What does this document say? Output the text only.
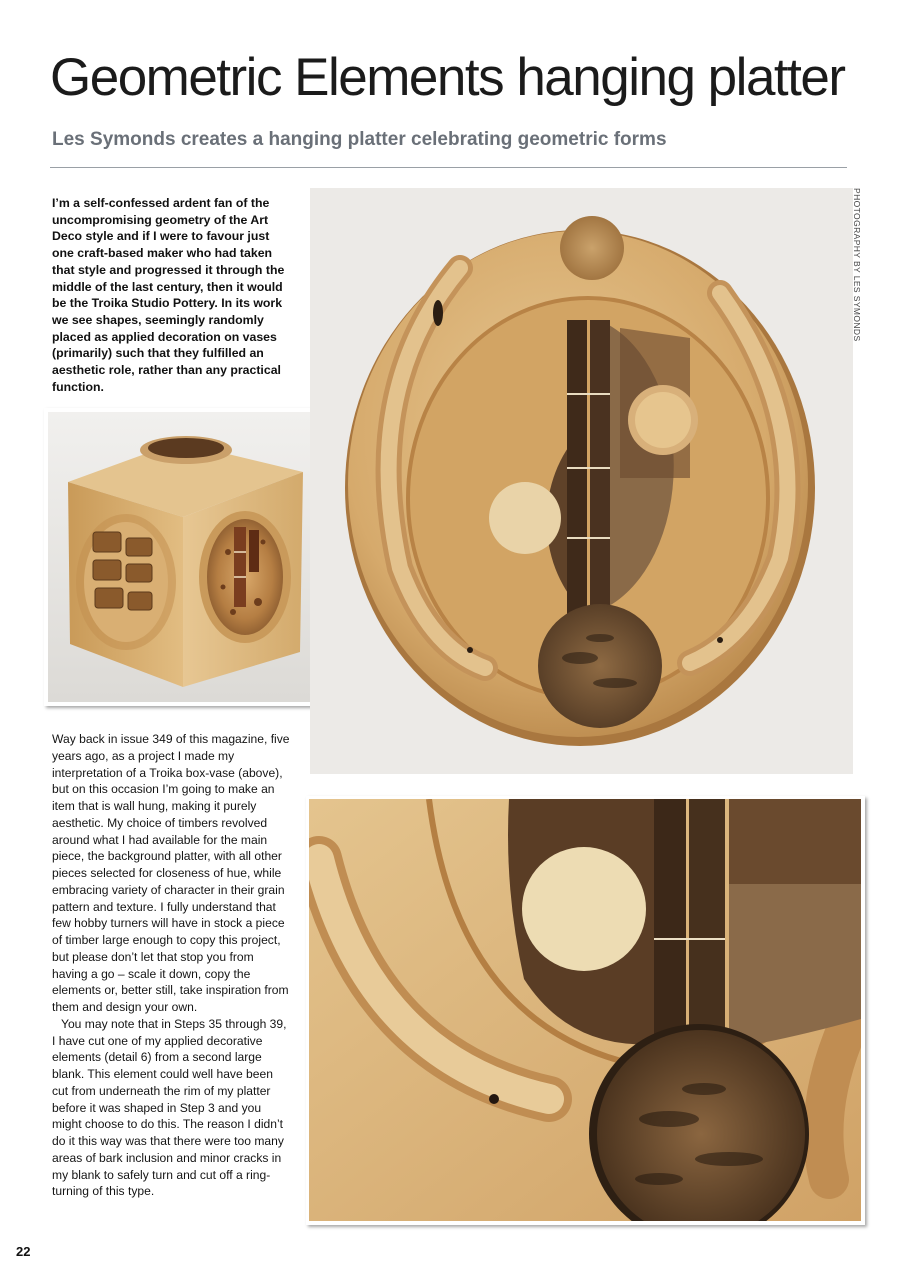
Geometric Elements hanging platter
Les Symonds creates a hanging platter celebrating geometric forms

I’m a self-confessed ardent fan of the uncompromising geometry of the Art Deco style and if I were to favour just one craft-based maker who had taken that style and progressed it through the middle of the last century, then it would be the Troika Studio Pottery. In its work we see shapes, seemingly randomly placed as applied decoration on vases (primarily) such that they fulfilled an aesthetic role, rather than any practical function.

PHOTOGRAPHY BY LES SYMONDS

Way back in issue 349 of this magazine, five years ago, as a project I made my interpretation of a Troika box-vase (above), but on this occasion I’m going to make an item that is wall hung, making it purely aesthetic. My choice of timbers revolved around what I had available for the main piece, the background platter, with all other pieces selected for closeness of hue, while embracing variety of character in their grain pattern and texture. I fully understand that few hobby turners will have in stock a piece of timber large enough to copy this project, but please don’t let that stop you from having a go – scale it down, copy the elements or, better still, take inspiration from them and design your own.

You may note that in Steps 35 through 39, I have cut one of my applied decorative elements (detail 6) from a second large blank. This element could well have been cut from underneath the rim of my platter before it was shaped in Step 3 and you might choose to do this. The reason I didn’t do it this way was that there were too many areas of bark inclusion and minor cracks in my blank to safely turn and cut off a ring-turning of this type.

22
